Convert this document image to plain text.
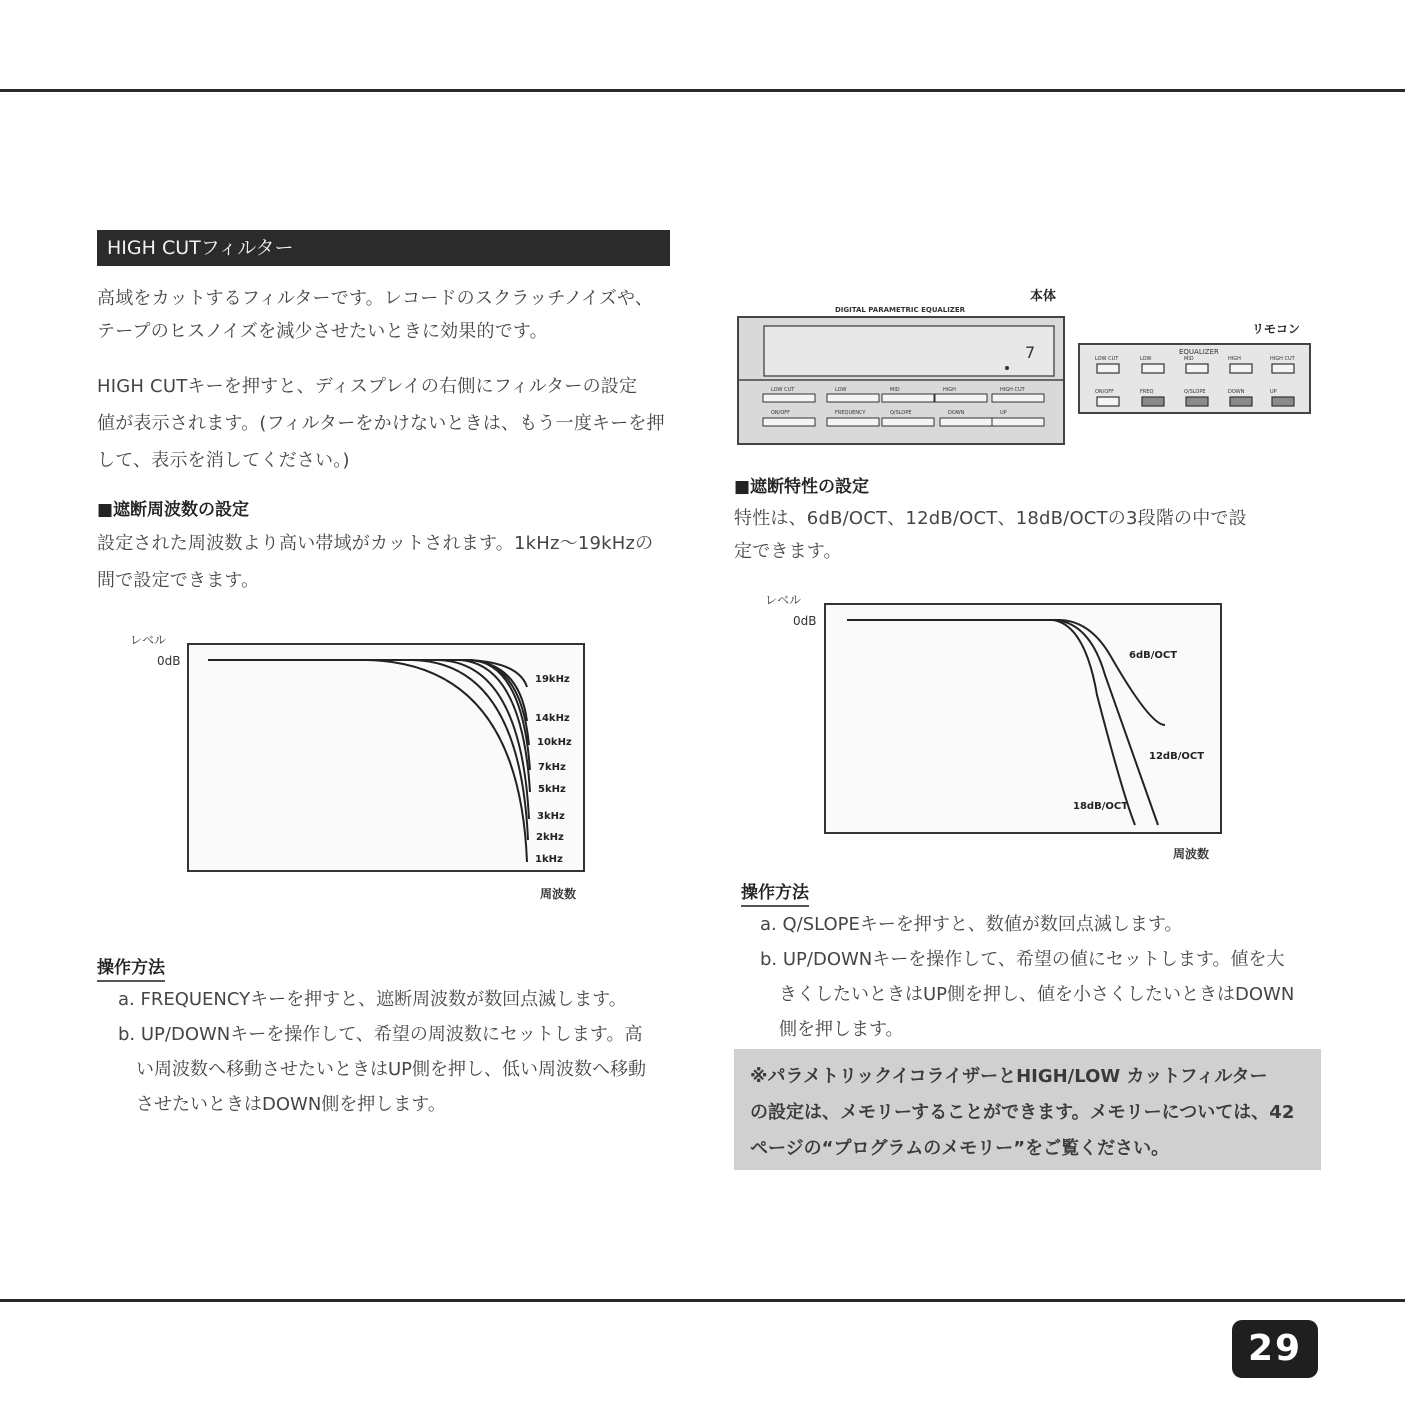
HIGH CUTフィルター
高域をカットするフィルターです。レコードのスクラッチノイズや、
テープのヒスノイズを減少させたいときに効果的です。
HIGH CUTキーを押すと、ディスプレイの右側にフィルターの設定
値が表示されます。(フィルターをかけないときは、もう一度キーを押
して、表示を消してください。)
■遮断周波数の設定
設定された周波数より高い帯域がカットされます。1kHz〜19kHzの
間で設定できます。
レベル
0dB
19kHz
14kHz
10kHz
7kHz
5kHz
3kHz
2kHz
1kHz
周波数
操作方法
a. FREQUENCYキーを押すと、遮断周波数が数回点滅します。
b. UP/DOWNキーを操作して、希望の周波数にセットします。高
い周波数へ移動させたいときはUP側を押し、低い周波数へ移動
させたいときはDOWN側を押します。
本体
DIGITAL PARAMETRIC EQUALIZER
7
LOW CUT	LOW	MID	HIGH	HIGH CUT
ON/OFF	FREQUENCY	Q/SLOPE	DOWN	UP
リモコン
EQUALIZER
LOW CUT	LOW	MID	HIGH	HIGH CUT
ON/OFF	FREQ	Q/SLOPE	DOWN	UP
■遮断特性の設定
特性は、6dB/OCT、12dB/OCT、18dB/OCTの3段階の中で設
定できます。
レベル
0dB
6dB/OCT
12dB/OCT
18dB/OCT
周波数
操作方法
a. Q/SLOPEキーを押すと、数値が数回点滅します。
b. UP/DOWNキーを操作して、希望の値にセットします。値を大
きくしたいときはUP側を押し、値を小さくしたいときはDOWN
側を押します。
※パラメトリックイコライザーとHIGH/LOW カットフィルター
の設定は、メモリーすることができます。メモリーについては、42
ページの“プログラムのメモリー”をご覧ください。
29
